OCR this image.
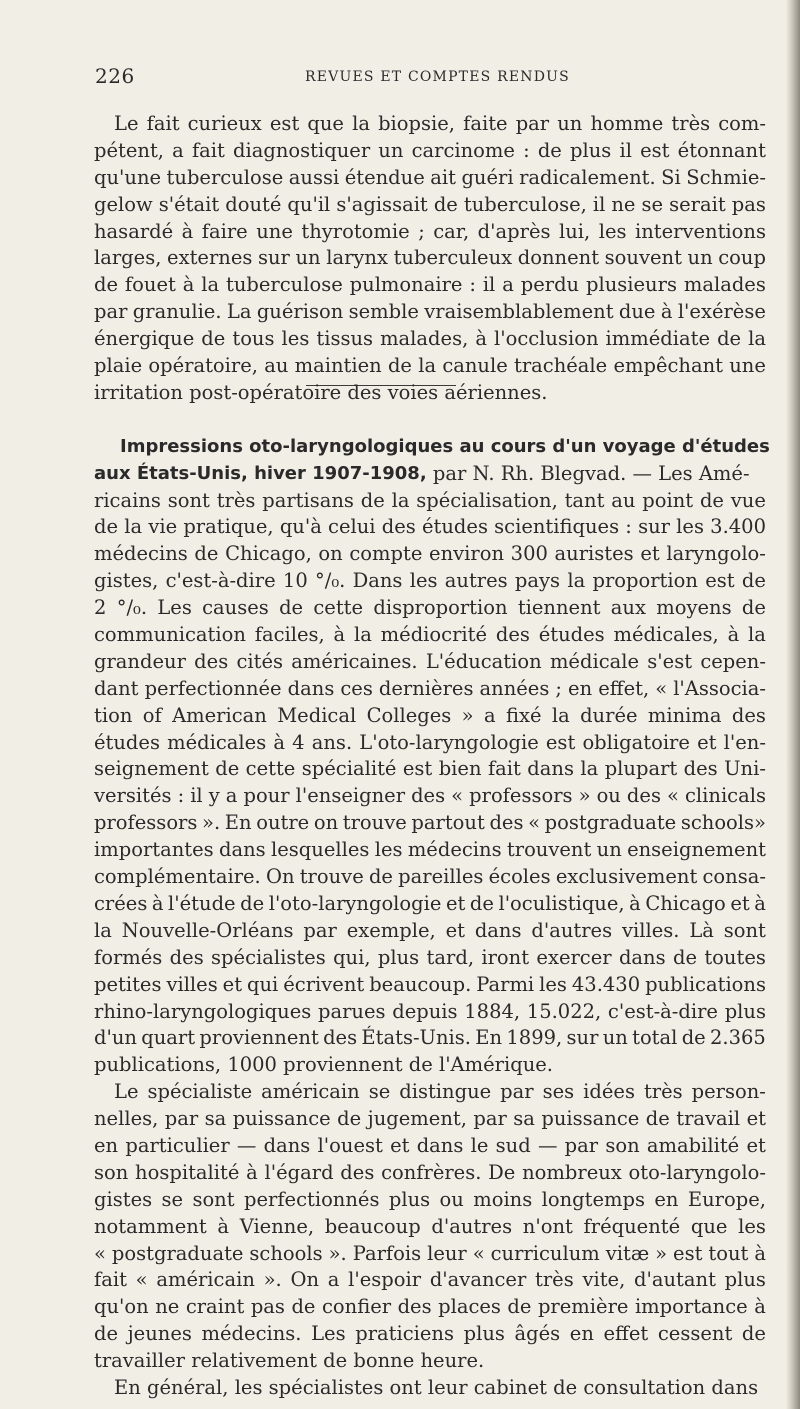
226	REVUES ET COMPTES RENDUS
Le fait curieux est que la biopsie, faite par un homme très com-
pétent, a fait diagnostiquer un carcinome : de plus il est étonnant
qu'une tuberculose aussi étendue ait guéri radicalement. Si Schmie-
gelow s'était douté qu'il s'agissait de tuberculose, il ne se serait pas
hasardé à faire une thyrotomie ; car, d'après lui, les interventions
larges, externes sur un larynx tuberculeux donnent souvent un coup
de fouet à la tuberculose pulmonaire : il a perdu plusieurs malades
par granulie. La guérison semble vraisemblablement due à l'exérèse
énergique de tous les tissus malades, à l'occlusion immédiate de la
plaie opératoire, au maintien de la canule trachéale empêchant une
irritation post-opératoire des voies aériennes.
Impressions oto-laryngologiques au cours d'un voyage d'études
aux États-Unis, hiver 1907-1908, par N. Rh. Blegvad. — Les Amé-
ricains sont très partisans de la spécialisation, tant au point de vue
de la vie pratique, qu'à celui des études scientifiques : sur les 3.400
médecins de Chicago, on compte environ 300 auristes et laryngolo-
gistes, c'est-à-dire 10 °/₀. Dans les autres pays la proportion est de
2 °/₀. Les causes de cette disproportion tiennent aux moyens de
communication faciles, à la médiocrité des études médicales, à la
grandeur des cités américaines. L'éducation médicale s'est cepen-
dant perfectionnée dans ces dernières années ; en effet, « l'Associa-
tion of American Medical Colleges » a fixé la durée minima des
études médicales à 4 ans. L'oto-laryngologie est obligatoire et l'en-
seignement de cette spécialité est bien fait dans la plupart des Uni-
versités : il y a pour l'enseigner des « professors » ou des « clinicals
professors ». En outre on trouve partout des « postgraduate schools»
importantes dans lesquelles les médecins trouvent un enseignement
complémentaire. On trouve de pareilles écoles exclusivement consa-
crées à l'étude de l'oto-laryngologie et de l'oculistique, à Chicago et à
la Nouvelle-Orléans par exemple, et dans d'autres villes. Là sont
formés des spécialistes qui, plus tard, iront exercer dans de toutes
petites villes et qui écrivent beaucoup. Parmi les 43.430 publications
rhino-laryngologiques parues depuis 1884, 15.022, c'est-à-dire plus
d'un quart proviennent des États-Unis. En 1899, sur un total de 2.365
publications, 1000 proviennent de l'Amérique.
Le spécialiste américain se distingue par ses idées très person-
nelles, par sa puissance de jugement, par sa puissance de travail et
en particulier — dans l'ouest et dans le sud — par son amabilité et
son hospitalité à l'égard des confrères. De nombreux oto-laryngolo-
gistes se sont perfectionnés plus ou moins longtemps en Europe,
notamment à Vienne, beaucoup d'autres n'ont fréquenté que les
« postgraduate schools ». Parfois leur « curriculum vitæ » est tout à
fait « américain ». On a l'espoir d'avancer très vite, d'autant plus
qu'on ne craint pas de confier des places de première importance à
de jeunes médecins. Les praticiens plus âgés en effet cessent de
travailler relativement de bonne heure.
En général, les spécialistes ont leur cabinet de consultation dans
